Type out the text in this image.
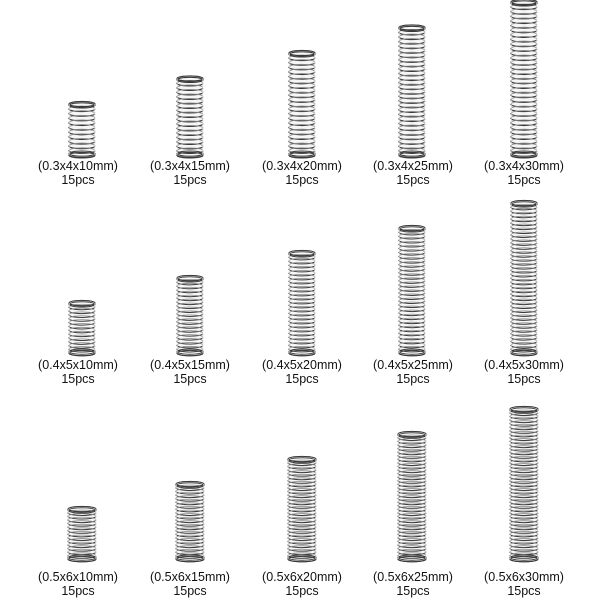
(0.3x4x10mm)
15pcs
(0.3x4x15mm)
15pcs
(0.3x4x20mm)
15pcs
(0.3x4x25mm)
15pcs
(0.3x4x30mm)
15pcs
(0.4x5x10mm)
15pcs
(0.4x5x15mm)
15pcs
(0.4x5x20mm)
15pcs
(0.4x5x25mm)
15pcs
(0.4x5x30mm)
15pcs
(0.5x6x10mm)
15pcs
(0.5x6x15mm)
15pcs
(0.5x6x20mm)
15pcs
(0.5x6x25mm)
15pcs
(0.5x6x30mm)
15pcs
